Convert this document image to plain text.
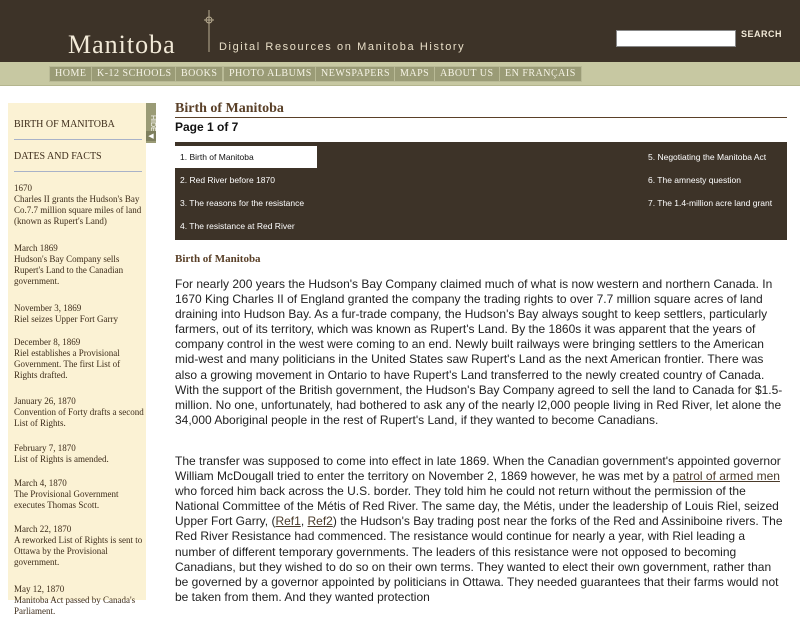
Manitoba	Digital Resources on Manitoba History
SEARCH
HOME	K-12 SCHOOLS BOOKS	PHOTO ALBUMS NEWSPAPERS MAPS	ABOUT US	EN FRANÇAIS
BIRTH OF MANITOBA
DATES AND FACTS
1670
Charles II grants the Hudson's Bay Co.7.7 million square miles of land (known as Rupert's Land)
March 1869
Hudson's Bay Company sells Rupert's Land to the Canadian government.
November 3, 1869
Riel seizes Upper Fort Garry
December 8, 1869
Riel establishes a Provisional Government. The first List of Rights drafted.
January 26, 1870
Convention of Forty drafts a second List of Rights.
February 7, 1870
List of Rights is amended.
March 4, 1870
The Provisional Government executes Thomas Scott.
March 22, 1870
A reworked List of Rights is sent to Ottawa by the Provisional government.
May 12, 1870
Manitoba Act passed by Canada's Parliament.
HIDE
◀
Birth of Manitoba
Page 1 of 7
1. Birth of Manitoba
2. Red River before 1870
3. The reasons for the resistance
4. The resistance at Red River
5. Negotiating the Manitoba Act
6. The amnesty question
7. The 1.4-million acre land grant
Birth of Manitoba

For nearly 200 years the Hudson's Bay Company claimed much of what is now western and northern Canada. In 1670 King Charles II of England granted the company the trading rights to over 7.7 million square acres of land draining into Hudson Bay. As a fur-trade company, the Hudson's Bay always sought to keep settlers, particularly farmers, out of its territory, which was known as Rupert's Land. By the 1860s it was apparent that the years of company control in the west were coming to an end. Newly built railways were bringing settlers to the American mid-west and many politicians in the United States saw Rupert's Land as the next American frontier. There was also a growing movement in Ontario to have Rupert's Land transferred to the newly created country of Canada. With the support of the British government, the Hudson's Bay Company agreed to sell the land to Canada for $1.5-million. No one, unfortunately, had bothered to ask any of the nearly l2,000 people living in Red River, let alone the 34,000 Aboriginal people in the rest of Rupert's Land, if they wanted to become Canadians.

The transfer was supposed to come into effect in late 1869. When the Canadian government's appointed governor William McDougall tried to enter the territory on November 2, 1869 however, he was met by a patrol of armed men who forced him back across the U.S. border. They told him he could not return without the permission of the National Committee of the Métis of Red River. The same day, the Métis, under the leadership of Louis Riel, seized Upper Fort Garry, (Ref1, Ref2) the Hudson's Bay trading post near the forks of the Red and Assiniboine rivers. The Red River Resistance had commenced. The resistance would continue for nearly a year, with Riel leading a number of different temporary governments. The leaders of this resistance were not opposed to becoming Canadians, but they wished to do so on their own terms. They wanted to elect their own government, rather than be governed by a governor appointed by politicians in Ottawa. They needed guarantees that their farms would not be taken from them. And they wanted protection
